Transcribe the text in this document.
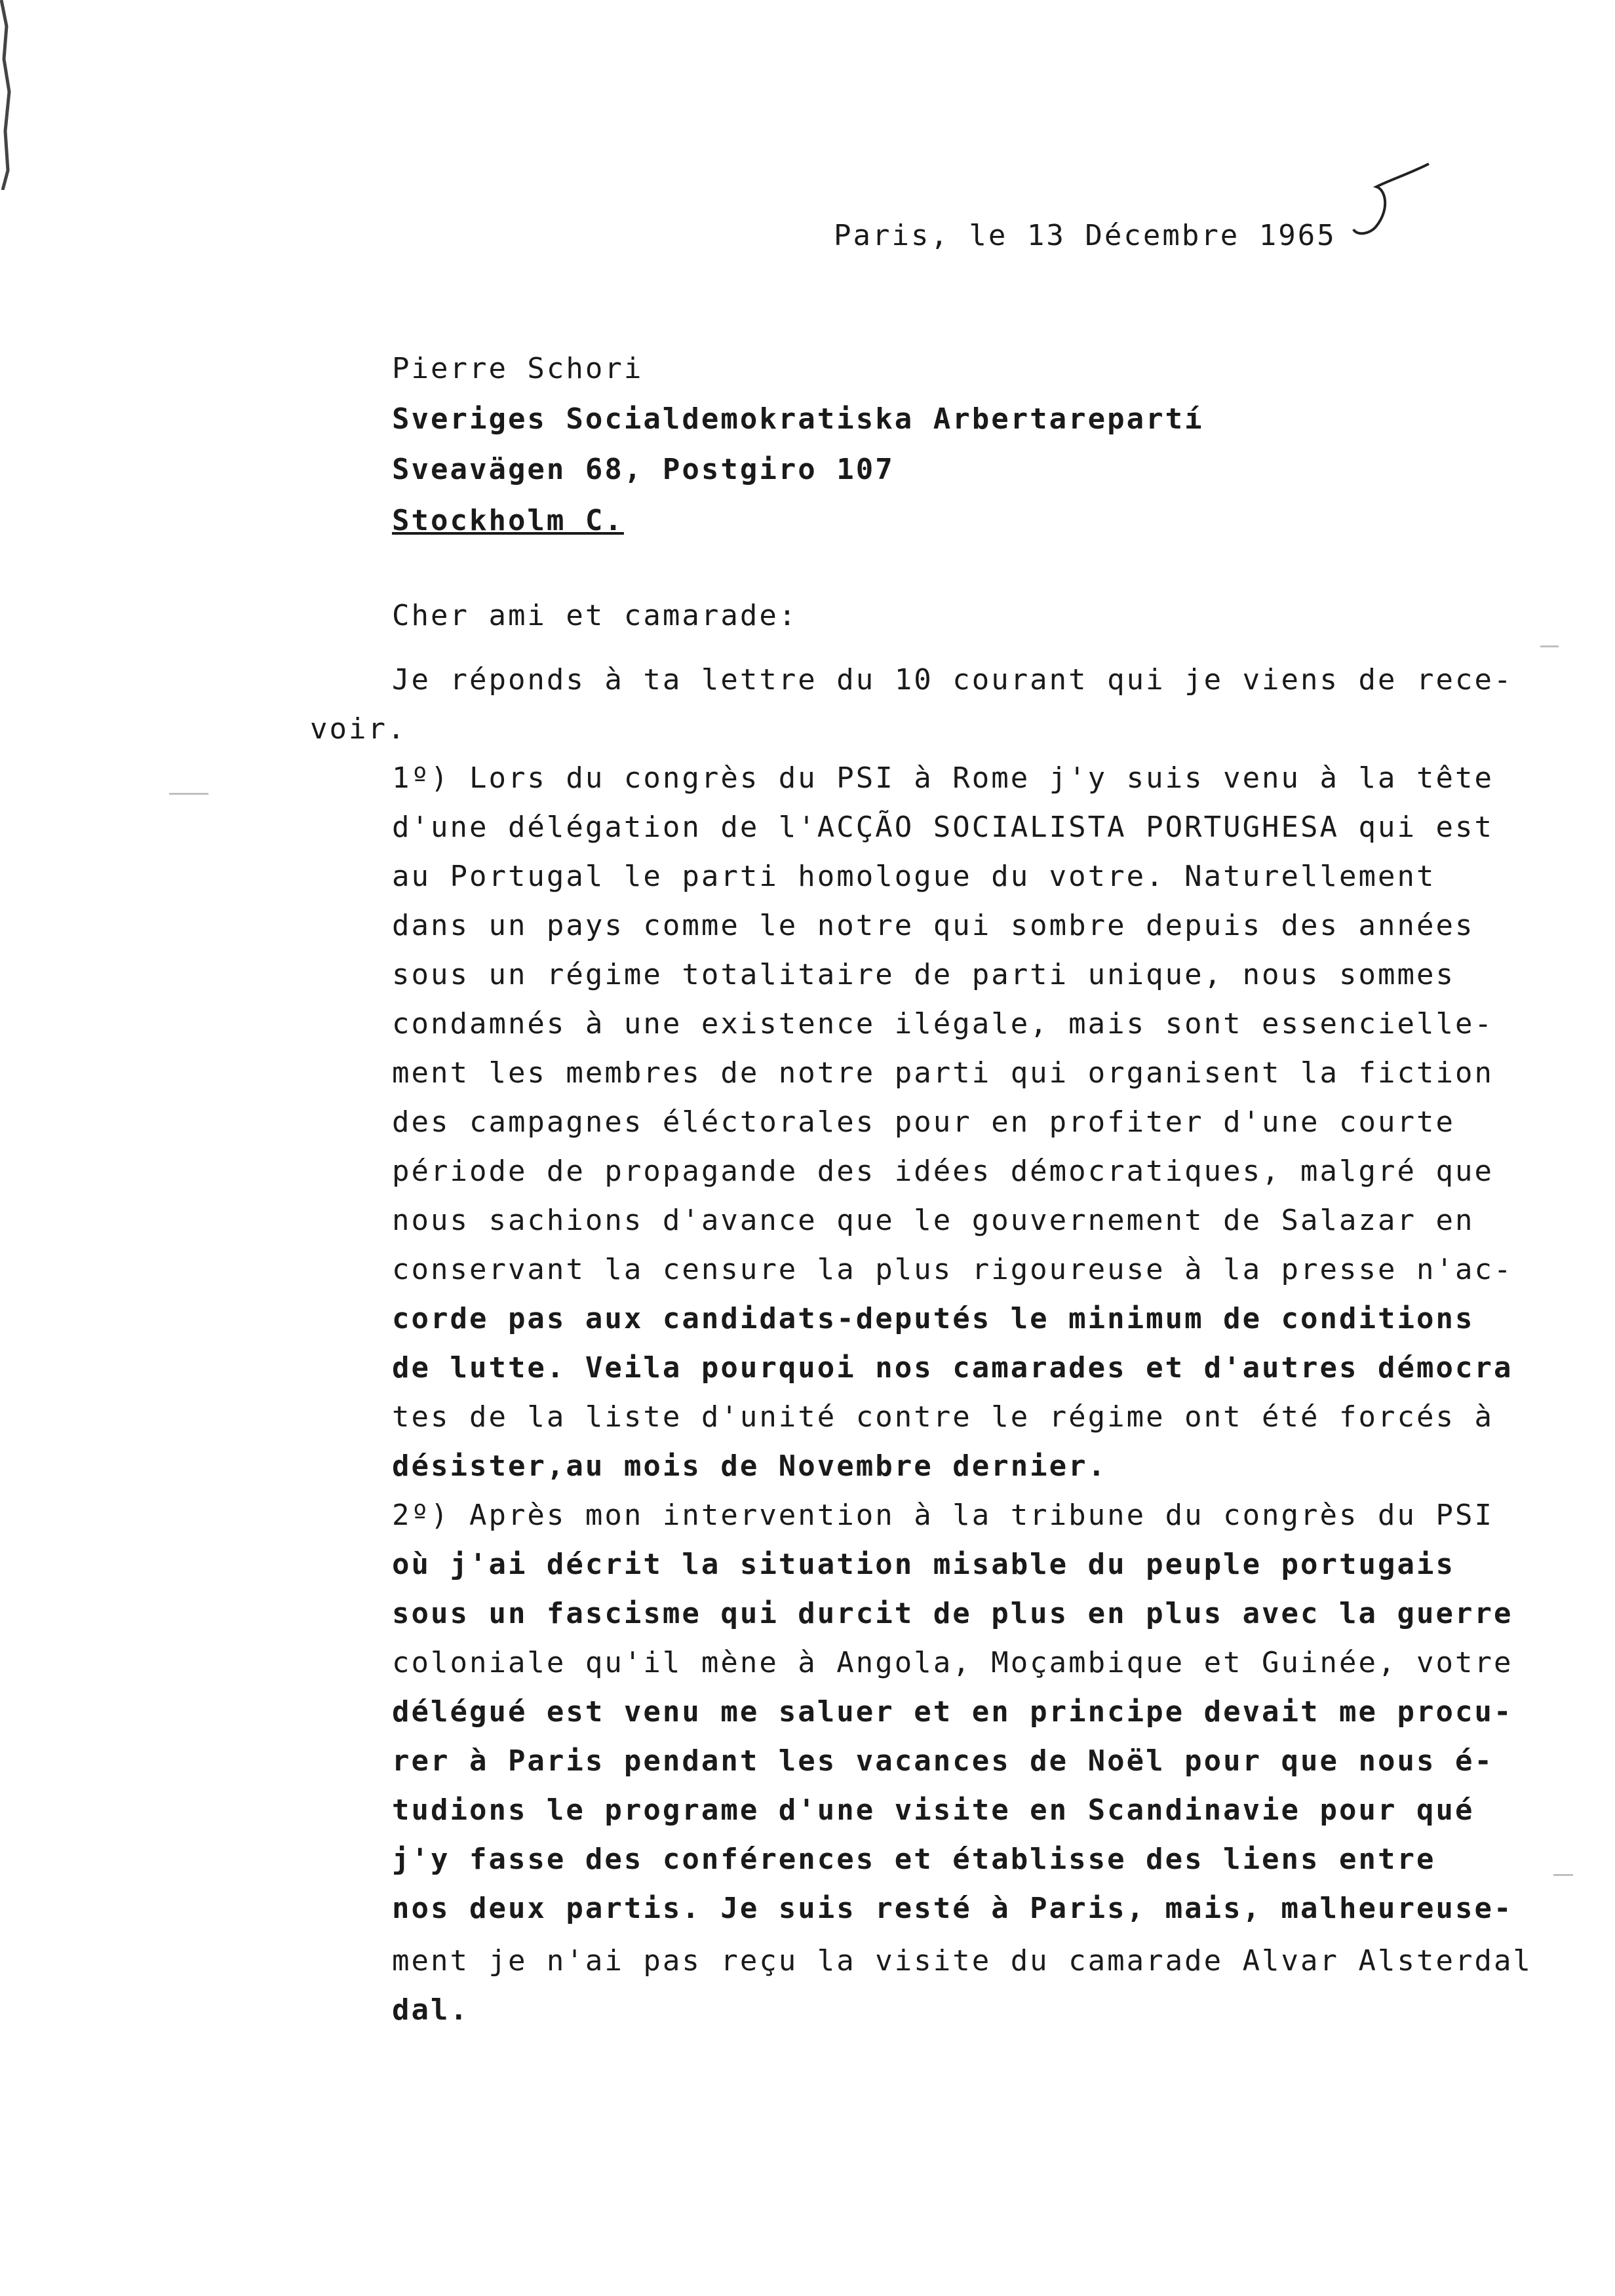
Paris, le 13 Décembre 1965
Pierre Schori
Sveriges Socialdemokratiska Arbertarepartí
Sveavägen 68, Postgiro 107
Stockholm C.
Cher ami et camarade:
Je réponds à ta lettre du 10 courant qui je viens de rece-
voir.
1º) Lors du congrès du PSI à Rome j'y suis venu à la tête
d'une délégation de l'ACÇÃO SOCIALISTA PORTUGHESA qui est
au Portugal le parti homologue du votre. Naturellement
dans un pays comme le notre qui sombre depuis des années
sous un régime totalitaire de parti unique, nous sommes
condamnés à une existence ilégale, mais sont essenciellе-
ment les membres de notre parti qui organisent la fiction
des campagnes éléctorales pour en profiter d'une courte
période de propagande des idées démocratiques, malgré que
nous sachions d'avance que le gouvernement de Salazar en
conservant la censure la plus rigoureuse à la presse n'ac-
corde pas aux candidats-deputés le minimum de conditions
de lutte. Veila pourquoi nos camarades et d'autres démocra
tes de la liste d'unité contre le régime ont été forcés à
désister,au mois de Novembre dernier.
2º) Après mon intervention à la tribune du congrès du PSI
où j'ai décrit la situation misable du peuple portugais
sous un fascisme qui durcit de plus en plus avec la guerre
coloniale qu'il mène à Angola, Moçambique et Guinée, votre
délégué est venu me saluer et en principe devait me procu-
rer à Paris pendant les vacances de Noël pour que nous é-
tudions le programe d'une visite en Scandinavie pour qué
j'y fasse des conférences et établisse des liens entre
nos deux partis. Je suis resté à Paris, mais, malheureuse-
ment je n'ai pas reçu la visite du camarade Alvar Alsterdal
dal.
